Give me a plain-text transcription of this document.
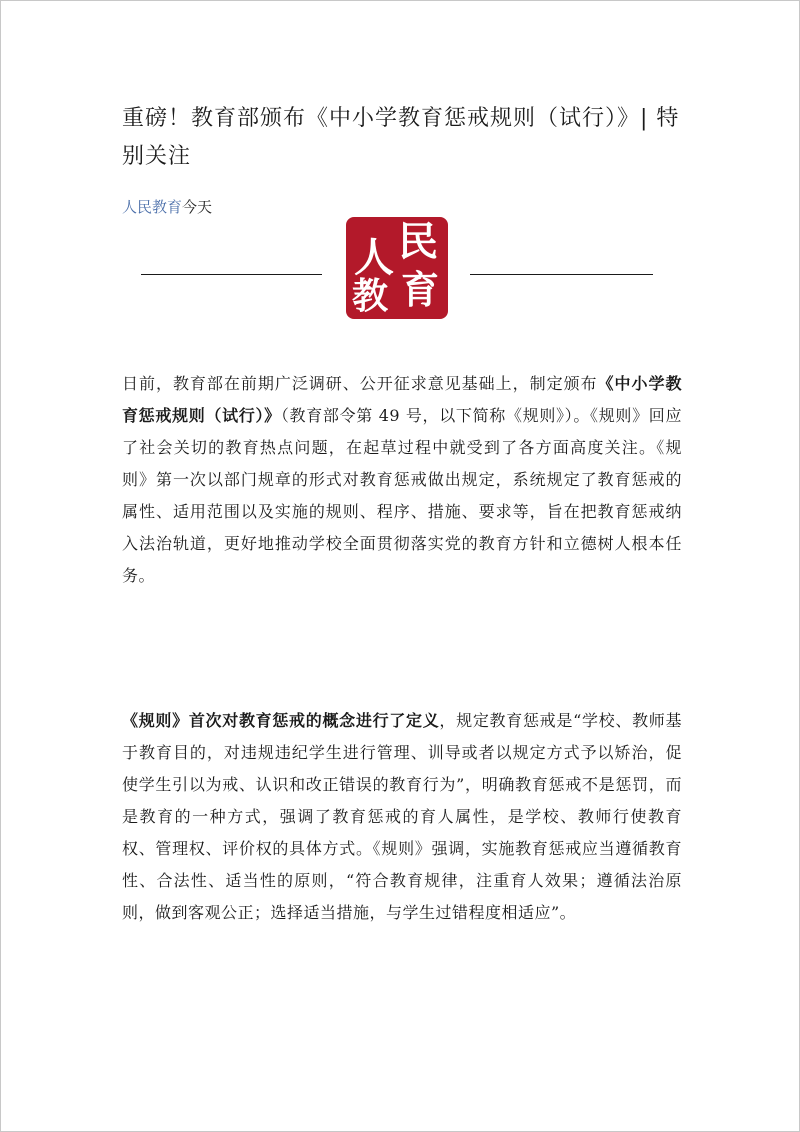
重磅！教育部颁布《中小学教育惩戒规则（试行）》| 特别关注
人民教育今天
人 民
教 育

日前，教育部在前期广泛调研、公开征求意见基础上，制定颁布《中小学教育惩戒规则（试行）》（教育部令第 49 号，以下简称《规则》）。《规则》回应了社会关切的教育热点问题，在起草过程中就受到了各方面高度关注。《规则》第一次以部门规章的形式对教育惩戒做出规定，系统规定了教育惩戒的属性、适用范围以及实施的规则、程序、措施、要求等，旨在把教育惩戒纳入法治轨道，更好地推动学校全面贯彻落实党的教育方针和立德树人根本任务。

《规则》首次对教育惩戒的概念进行了定义，规定教育惩戒是“学校、教师基于教育目的，对违规违纪学生进行管理、训导或者以规定方式予以矫治，促使学生引以为戒、认识和改正错误的教育行为”，明确教育惩戒不是惩罚，而是教育的一种方式，强调了教育惩戒的育人属性，是学校、教师行使教育权、管理权、评价权的具体方式。《规则》强调，实施教育惩戒应当遵循教育性、合法性、适当性的原则，“符合教育规律，注重育人效果；遵循法治原则，做到客观公正；选择适当措施，与学生过错程度相适应”。
